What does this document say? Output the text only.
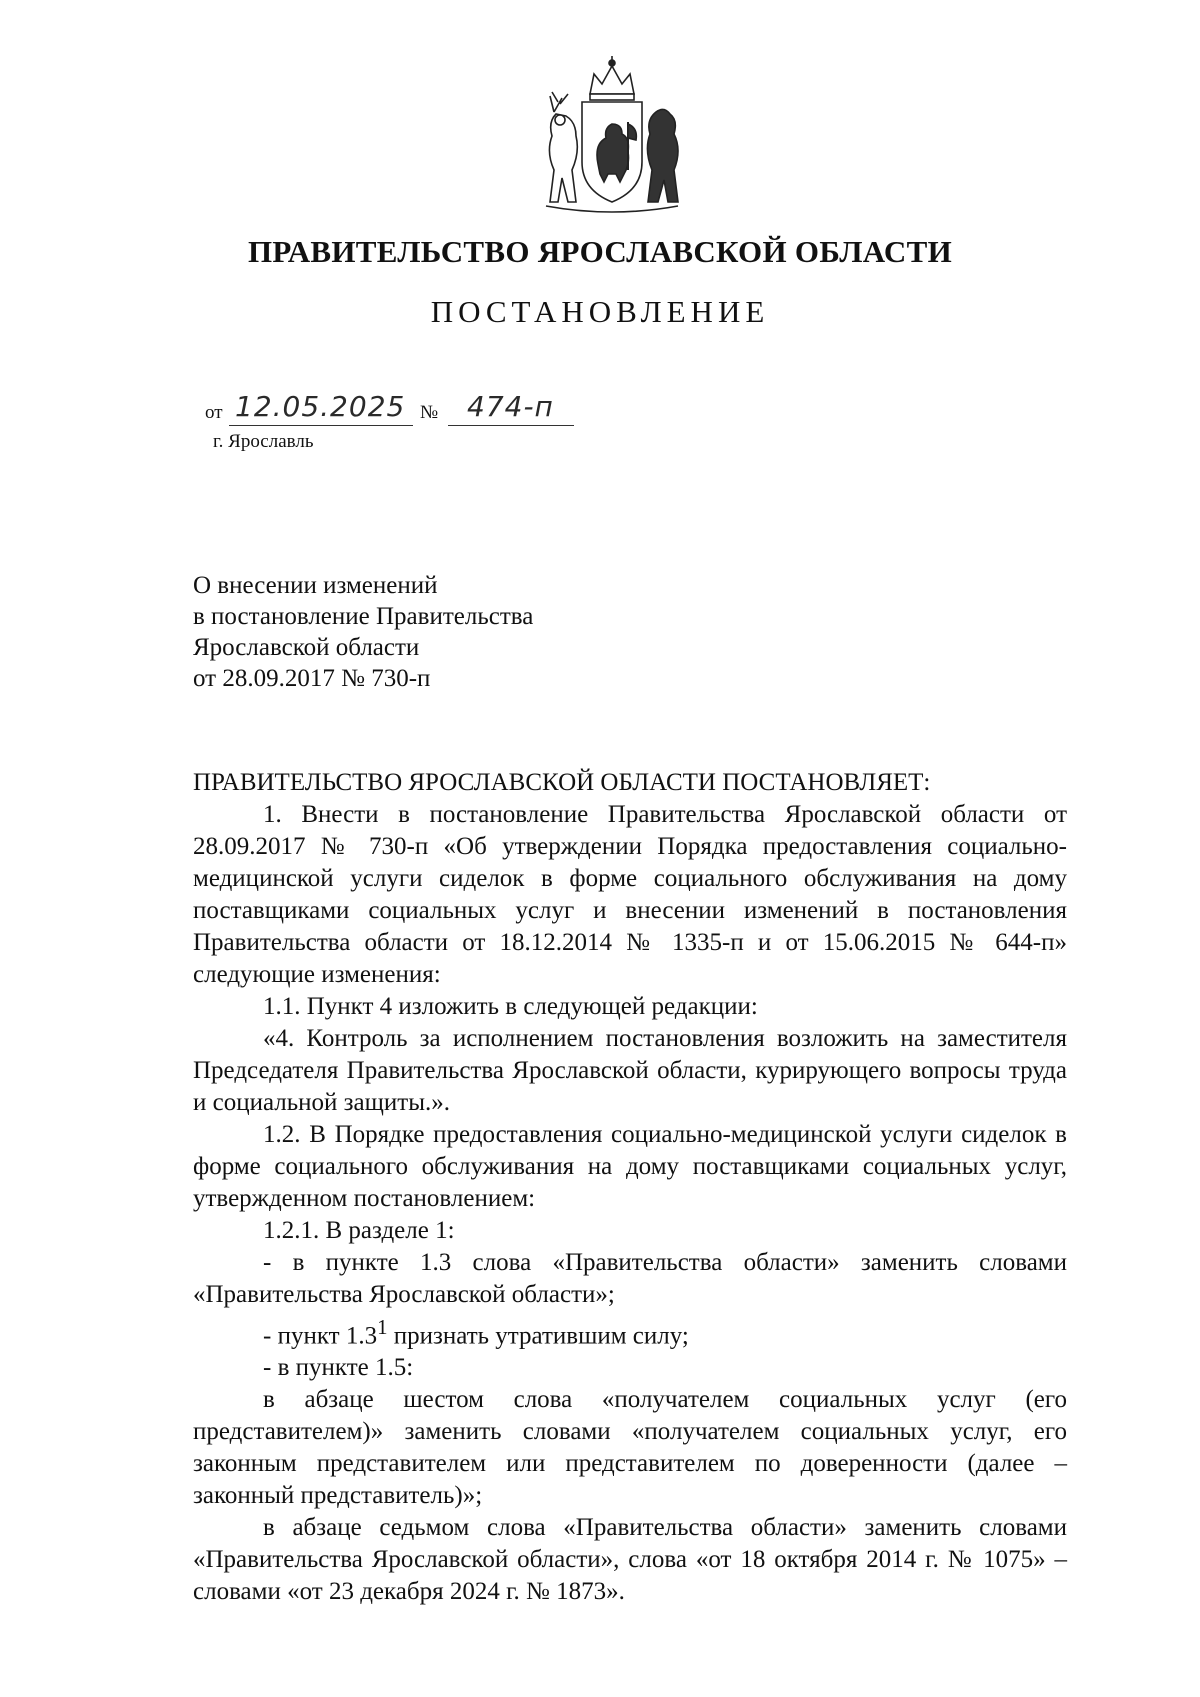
ПРАВИТЕЛЬСТВО ЯРОСЛАВСКОЙ ОБЛАСТИ
ПОСТАНОВЛЕНИЕ
от 12.05.2025 № 474-п
г. Ярославль
О внесении изменений
в постановление Правительства
Ярославской области
от 28.09.2017 № 730-п

ПРАВИТЕЛЬСТВО ЯРОСЛАВСКОЙ ОБЛАСТИ ПОСТАНОВЛЯЕТ:

1. Внести в постановление Правительства Ярославской области от 28.09.2017 № 730-п «Об утверждении Порядка предоставления социально-медицинской услуги сиделок в форме социального обслуживания на дому поставщиками социальных услуг и внесении изменений в постановления Правительства области от 18.12.2014 № 1335-п и от 15.06.2015 № 644-п» следующие изменения:

1.1. Пункт 4 изложить в следующей редакции:

«4. Контроль за исполнением постановления возложить на заместителя Председателя Правительства Ярославской области, курирующего вопросы труда и социальной защиты.».

1.2. В Порядке предоставления социально-медицинской услуги сиделок в форме социального обслуживания на дому поставщиками социальных услуг, утвержденном постановлением:

1.2.1. В разделе 1:

- в пункте 1.3 слова «Правительства области» заменить словами «Правительства Ярославской области»;

- пункт $1.3^1$ признать утратившим силу;

- в пункте 1.5:

в абзаце шестом слова «получателем социальных услуг (его представителем)» заменить словами «получателем социальных услуг, его законным представителем или представителем по доверенности (далее – законный представитель)»;

в абзаце седьмом слова «Правительства области» заменить словами «Правительства Ярославской области», слова «от 18 октября 2014 г. № 1075» – словами «от 23 декабря 2024 г. № 1873».
